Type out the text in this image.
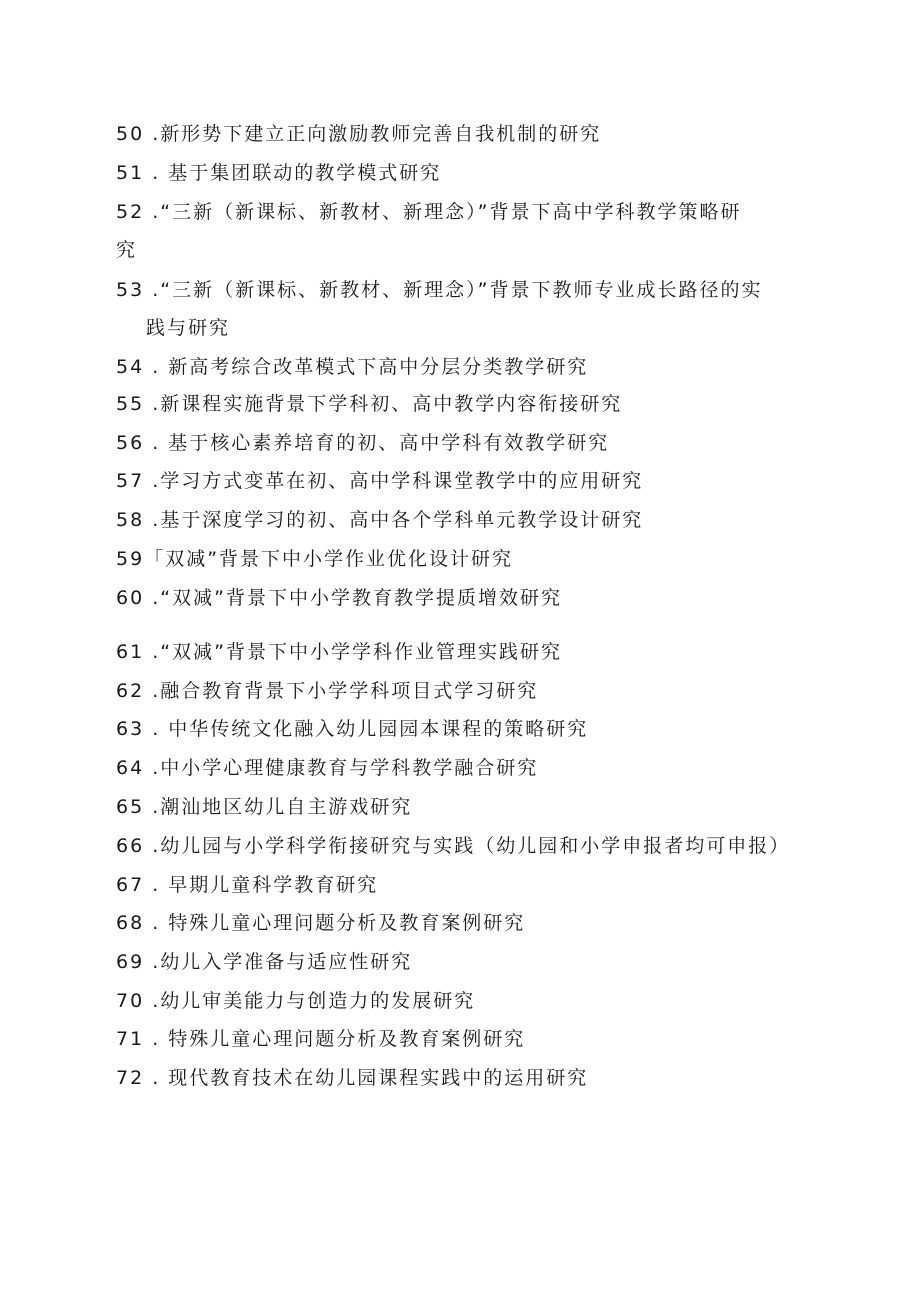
50 .新形势下建立正向激励教师完善自我机制的研究
51 . 基于集团联动的教学模式研究
52 .“三新（新课标、新教材、新理念）”背景下高中学科教学策略研
究
53 .“三新（新课标、新教材、新理念）”背景下教师专业成长路径的实
践与研究
54 . 新高考综合改革模式下高中分层分类教学研究
55 .新课程实施背景下学科初、高中教学内容衔接研究
56 . 基于核心素养培育的初、高中学科有效教学研究
57 .学习方式变革在初、高中学科课堂教学中的应用研究
58 .基于深度学习的初、高中各个学科单元教学设计研究
59「双减”背景下中小学作业优化设计研究
60 .“双减”背景下中小学教育教学提质增效研究
61 .“双减”背景下中小学学科作业管理实践研究
62 .融合教育背景下小学学科项目式学习研究
63 . 中华传统文化融入幼儿园园本课程的策略研究
64 .中小学心理健康教育与学科教学融合研究
65 .潮汕地区幼儿自主游戏研究
66 .幼儿园与小学科学衔接研究与实践（幼儿园和小学申报者均可申报）
67 . 早期儿童科学教育研究
68 . 特殊儿童心理问题分析及教育案例研究
69 .幼儿入学准备与适应性研究
70 .幼儿审美能力与创造力的发展研究
71 . 特殊儿童心理问题分析及教育案例研究
72 . 现代教育技术在幼儿园课程实践中的运用研究
